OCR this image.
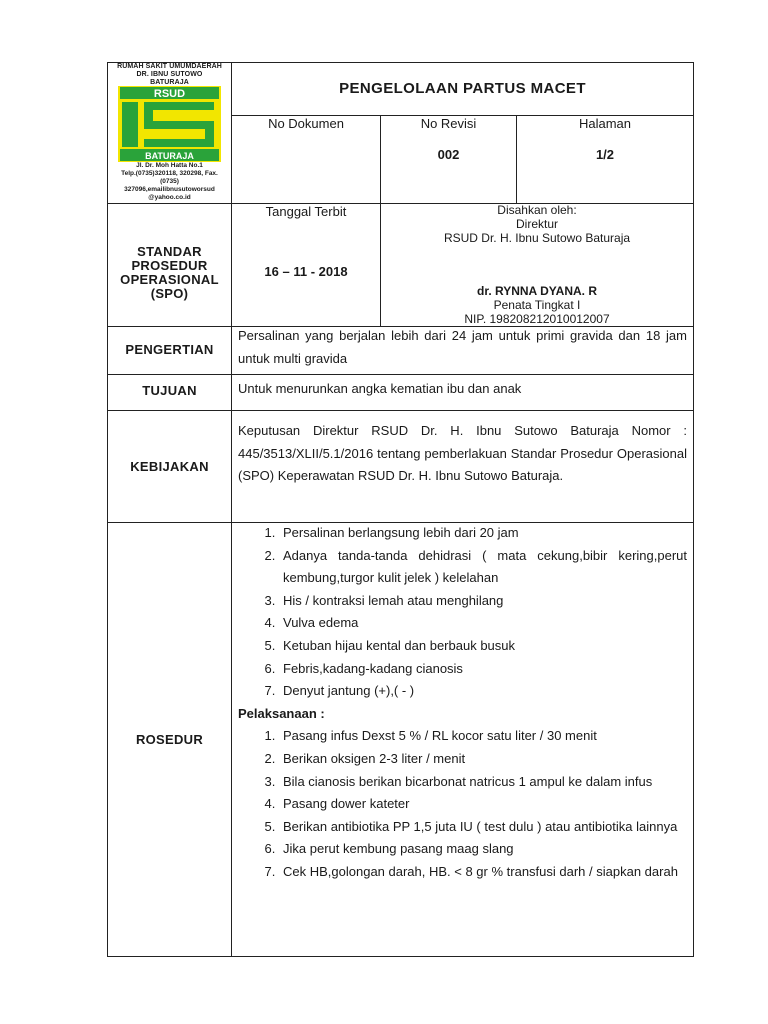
RUMAH SAKIT UMUMDAERAH
DR. IBNU SUTOWO
BATURAJA
RSUD
BATURAJA
Jl. Dr. Moh Hatta No.1
Telp.(0735)320118, 320298, Fax.
(0735)
327096,emailibnusutoworsud
@yahoo.co.id
PENGELOLAAN PARTUS MACET
No Dokumen	No Revisi
002
Halaman
1/2
STANDAR
PROSEDUR
OPERASIONAL
(SPO)
Tanggal Terbit
16 – 11 - 2018
Disahkan oleh:
Direktur
RSUD Dr. H. Ibnu Sutowo Baturaja
dr. RYNNA DYANA. R
Penata Tingkat I
NIP. 198208212010012007
PENGERTIAN
Persalinan yang berjalan lebih dari 24 jam untuk primi gravida dan 18 jam untuk multi gravida
TUJUAN	Untuk menurunkan angka kematian ibu dan anak
KEBIJAKAN
Keputusan Direktur RSUD Dr. H. Ibnu Sutowo Baturaja Nomor : 445/3513/XLII/5.1/2016 tentang pemberlakuan Standar Prosedur Operasional (SPO) Keperawatan RSUD Dr. H. Ibnu Sutowo Baturaja.
ROSEDUR
1. Persalinan berlangsung lebih dari 20 jam
2. Adanya tanda-tanda dehidrasi ( mata cekung,bibir kering,perut kembung,turgor kulit jelek ) kelelahan
3. His / kontraksi lemah atau menghilang
4. Vulva edema
5. Ketuban hijau kental dan berbauk busuk
6. Febris,kadang-kadang cianosis
7. Denyut jantung (+),( - )
Pelaksanaan :
1. Pasang infus Dexst 5 % / RL kocor satu liter / 30 menit
2. Berikan oksigen 2-3 liter / menit
3. Bila cianosis berikan bicarbonat natricus 1 ampul ke dalam infus
4. Pasang dower kateter
5. Berikan antibiotika PP 1,5 juta IU ( test dulu ) atau antibiotika lainnya
6. Jika perut kembung pasang maag slang
7. Cek HB,golongan darah, HB. < 8 gr % transfusi darh / siapkan darah
